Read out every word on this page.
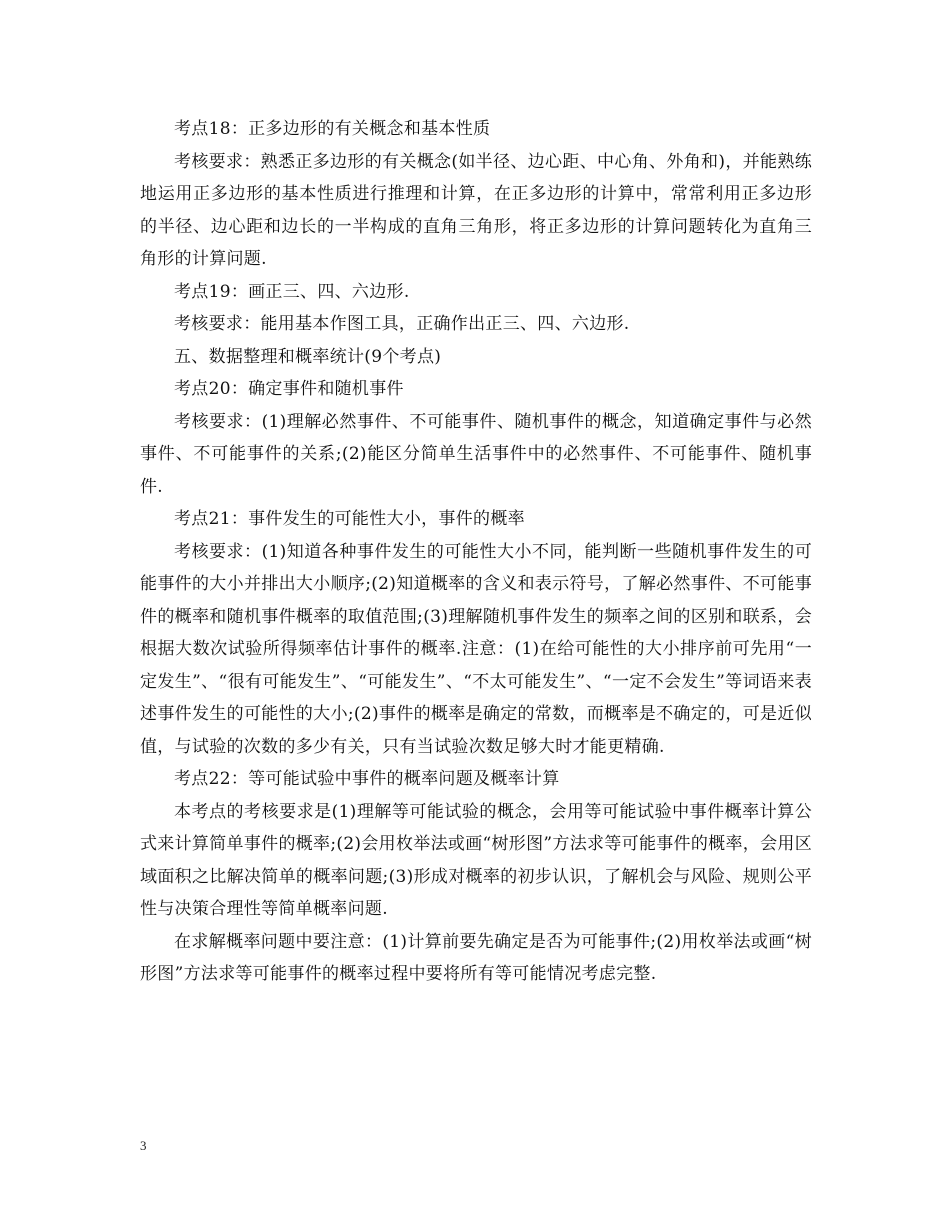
考点18：正多边形的有关概念和基本性质

考核要求：熟悉正多边形的有关概念(如半径、边心距、中心角、外角和)，并能熟练地运用正多边形的基本性质进行推理和计算，在正多边形的计算中，常常利用正多边形的半径、边心距和边长的一半构成的直角三角形，将正多边形的计算问题转化为直角三角形的计算问题.

考点19：画正三、四、六边形.

考核要求：能用基本作图工具，正确作出正三、四、六边形.

五、数据整理和概率统计(9个考点)

考点20：确定事件和随机事件

考核要求：(1)理解必然事件、不可能事件、随机事件的概念，知道确定事件与必然事件、不可能事件的关系;(2)能区分简单生活事件中的必然事件、不可能事件、随机事件.

考点21：事件发生的可能性大小，事件的概率

考核要求：(1)知道各种事件发生的可能性大小不同，能判断一些随机事件发生的可能事件的大小并排出大小顺序;(2)知道概率的含义和表示符号，了解必然事件、不可能事件的概率和随机事件概率的取值范围;(3)理解随机事件发生的频率之间的区别和联系，会根据大数次试验所得频率估计事件的概率.注意：(1)在给可能性的大小排序前可先用“一定发生”、“很有可能发生”、“可能发生”、“不太可能发生”、“一定不会发生”等词语来表述事件发生的可能性的大小;(2)事件的概率是确定的常数，而概率是不确定的，可是近似值，与试验的次数的多少有关，只有当试验次数足够大时才能更精确.

考点22：等可能试验中事件的概率问题及概率计算

本考点的考核要求是(1)理解等可能试验的概念，会用等可能试验中事件概率计算公式来计算简单事件的概率;(2)会用枚举法或画“树形图”方法求等可能事件的概率，会用区域面积之比解决简单的概率问题;(3)形成对概率的初步认识，了解机会与风险、规则公平性与决策合理性等简单概率问题.

在求解概率问题中要注意：(1)计算前要先确定是否为可能事件;(2)用枚举法或画“树形图”方法求等可能事件的概率过程中要将所有等可能情况考虑完整.

3
